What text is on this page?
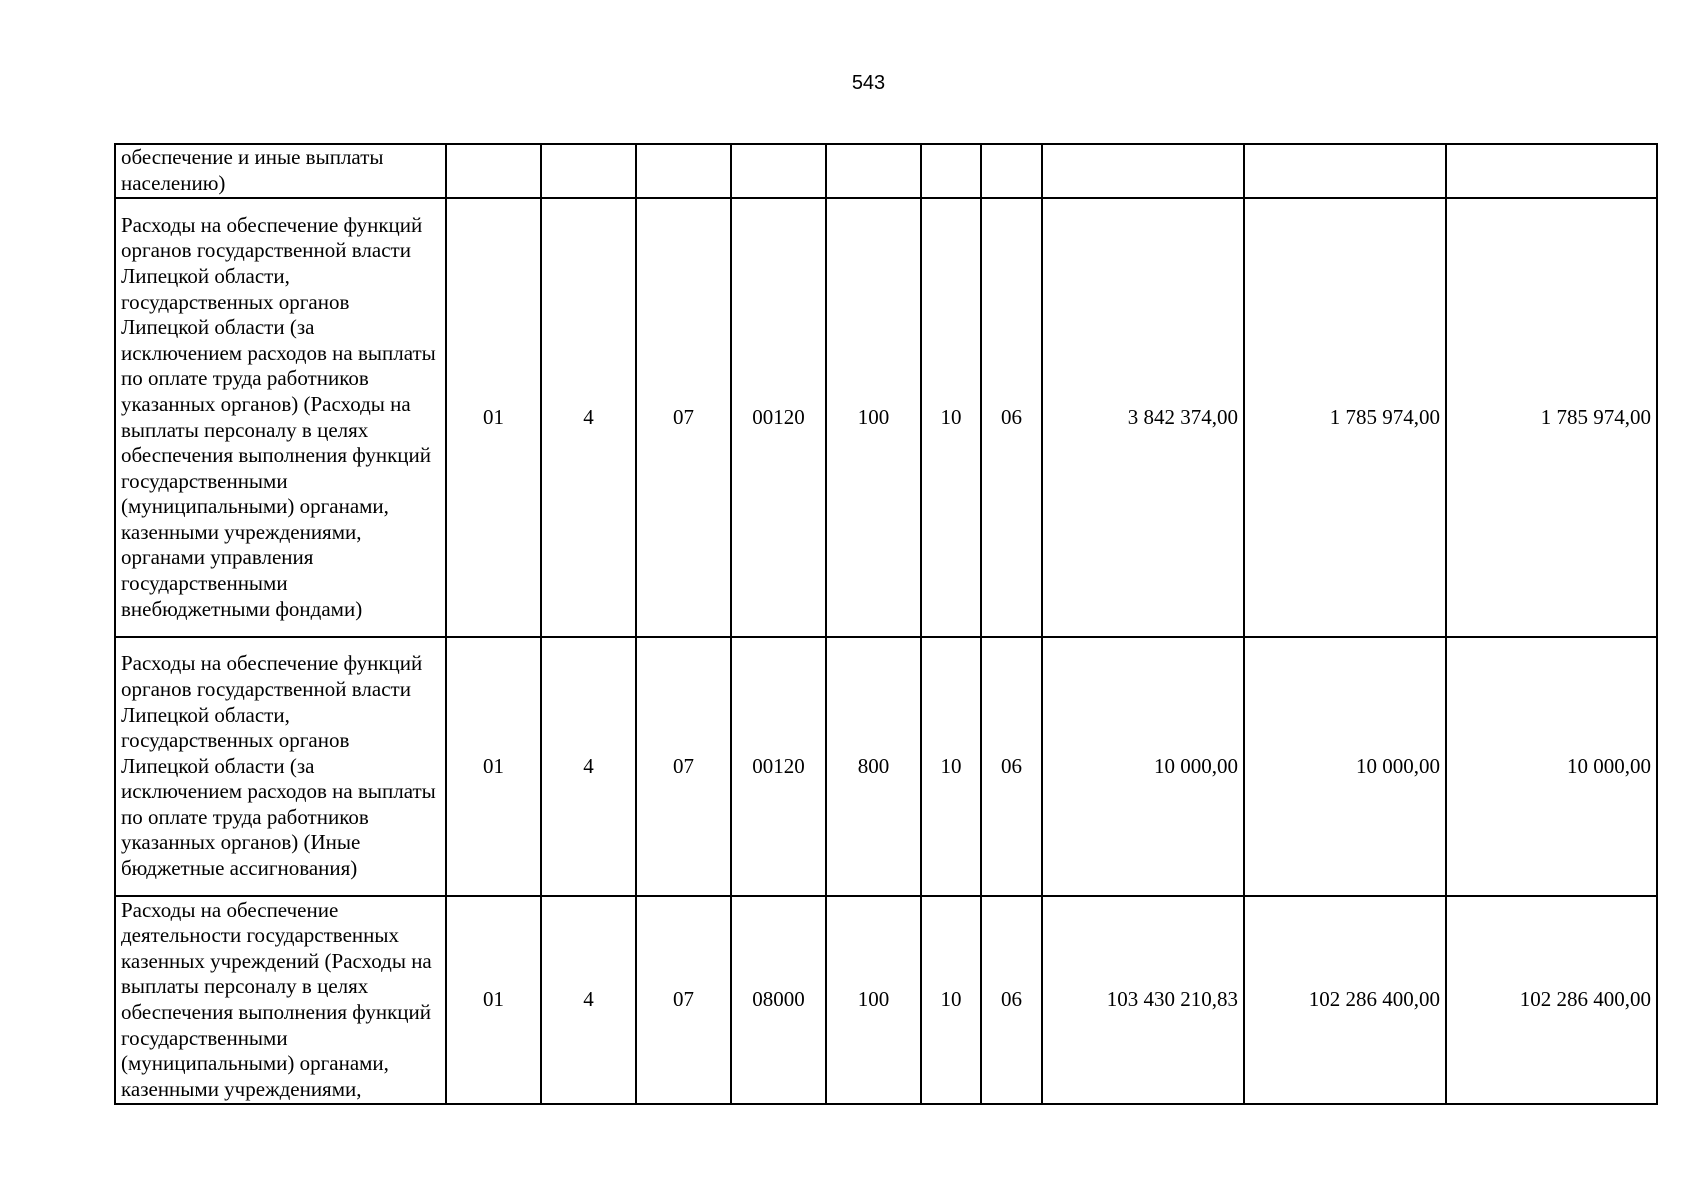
543
обеспечение и иные выплаты населению)										
Расходы на обеспечение функций органов государственной власти Липецкой области, государственных органов Липецкой области (за исключением расходов на выплаты по оплате труда работников указанных органов) (Расходы на выплаты персоналу в целях обеспечения выполнения функций государственными (муниципальными) органами, казенными учреждениями, органами управления государственными внебюджетными фондами)	01	4	07	00120	100	10	06	3 842 374,00	1 785 974,00	1 785 974,00
Расходы на обеспечение функций органов государственной власти Липецкой области, государственных органов Липецкой области (за исключением расходов на выплаты по оплате труда работников указанных органов) (Иные бюджетные ассигнования)	01	4	07	00120	800	10	06	10 000,00	10 000,00	10 000,00
Расходы на обеспечение деятельности государственных казенных учреждений (Расходы на выплаты персоналу в целях обеспечения выполнения функций государственными (муниципальными) органами, казенными учреждениями,	01	4	07	08000	100	10	06	103 430 210,83	102 286 400,00	102 286 400,00
